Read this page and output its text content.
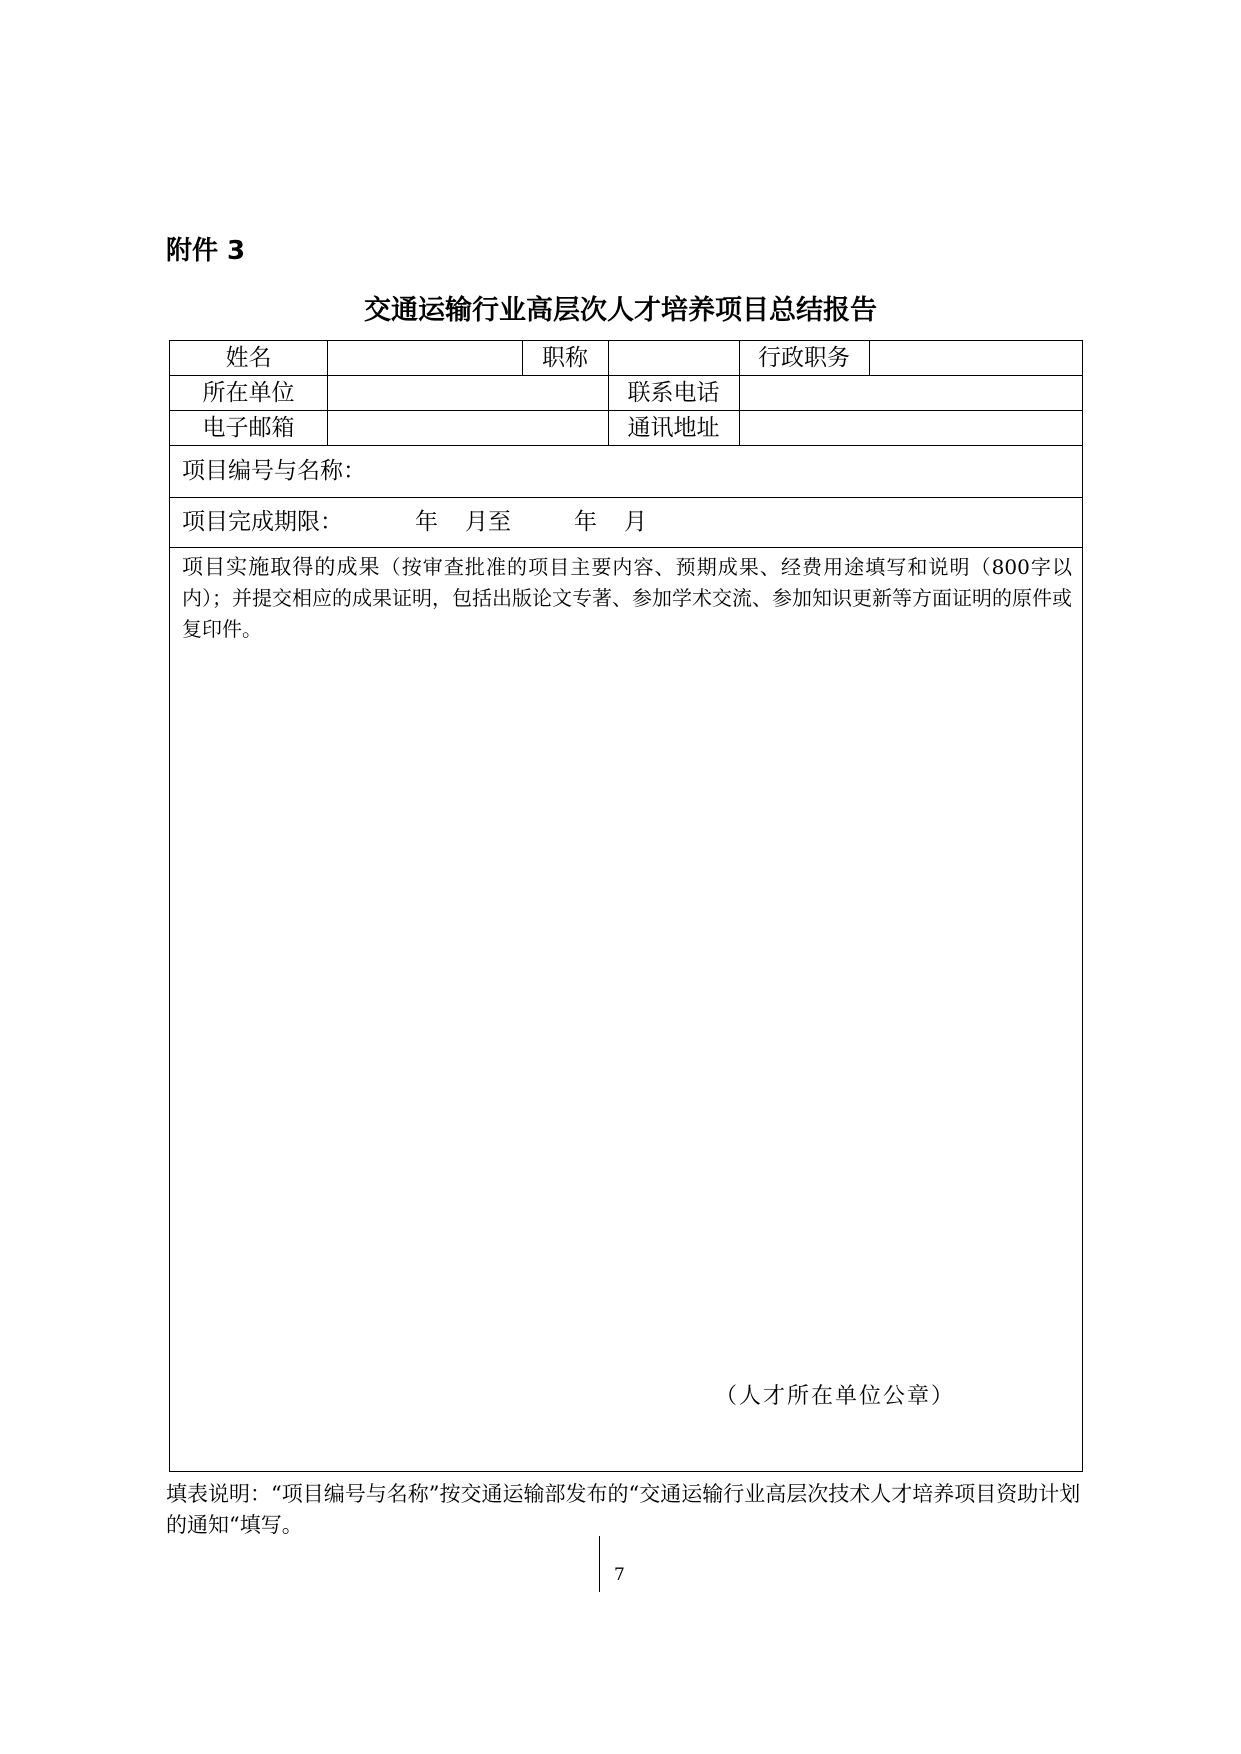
附件 3
交通运输行业高层次人才培养项目总结报告
姓名	职称	行政职务
所在单位	联系电话
电子邮箱	通讯地址
项目编号与名称：
项目完成期限：	年 月至	年 月
项目实施取得的成果（按审查批准的项目主要内容、预期成果、经费用途填写和说明（800字以内）；并提交相应的成果证明，包括出版论文专著、参加学术交流、参加知识更新等方面证明的原件或复印件。
（人才所在单位公章）
填表说明：“项目编号与名称”按交通运输部发布的“交通运输行业高层次技术人才培养项目资助计划的通知“填写。
7
